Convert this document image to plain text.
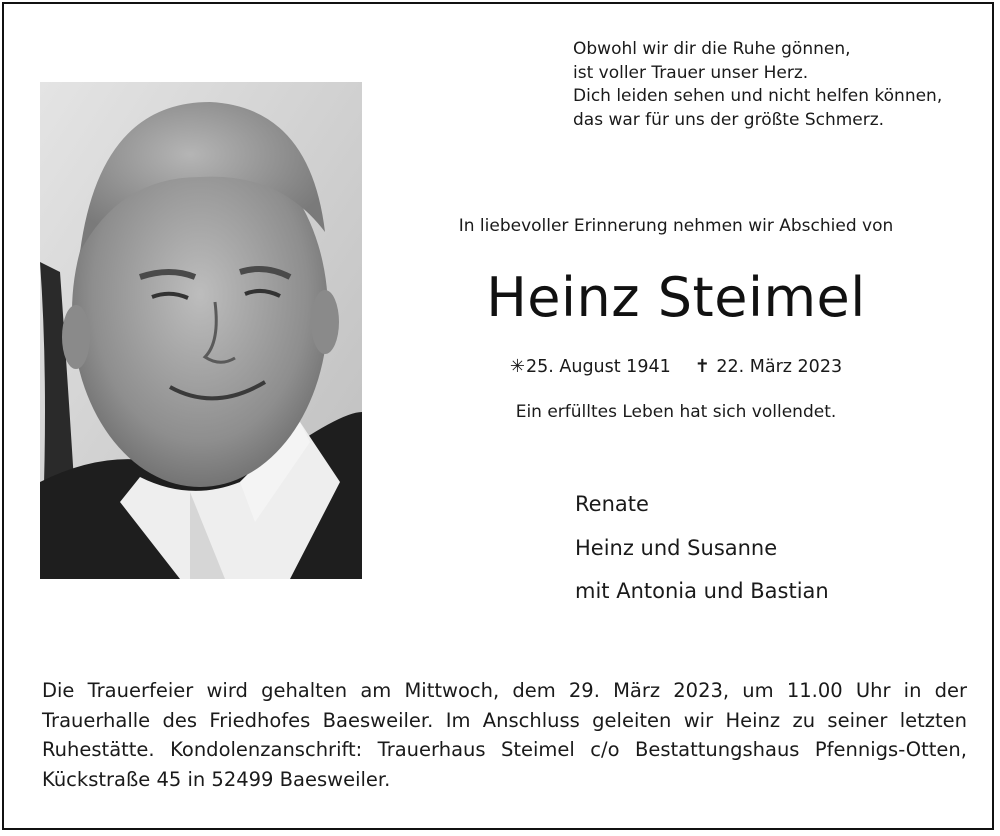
Obwohl wir dir die Ruhe gönnen,
ist voller Trauer unser Herz.
Dich leiden sehen und nicht helfen können,
das war für uns der größte Schmerz.
In liebevoller Erinnerung nehmen wir Abschied von
Heinz Steimel
✳25. August 1941 ✝ 22. März 2023
Ein erfülltes Leben hat sich vollendet.
Renate
Heinz und Susanne
mit Antonia und Bastian
Die Trauerfeier wird gehalten am Mittwoch, dem 29. März 2023, um 11.00 Uhr in der
Trauerhalle des Friedhofes Baesweiler. Im Anschluss geleiten wir Heinz zu seiner letzten
Ruhestätte. Kondolenzanschrift: Trauerhaus Steimel c/o Bestattungshaus Pfennigs-Otten,
Kückstraße 45 in 52499 Baesweiler.
